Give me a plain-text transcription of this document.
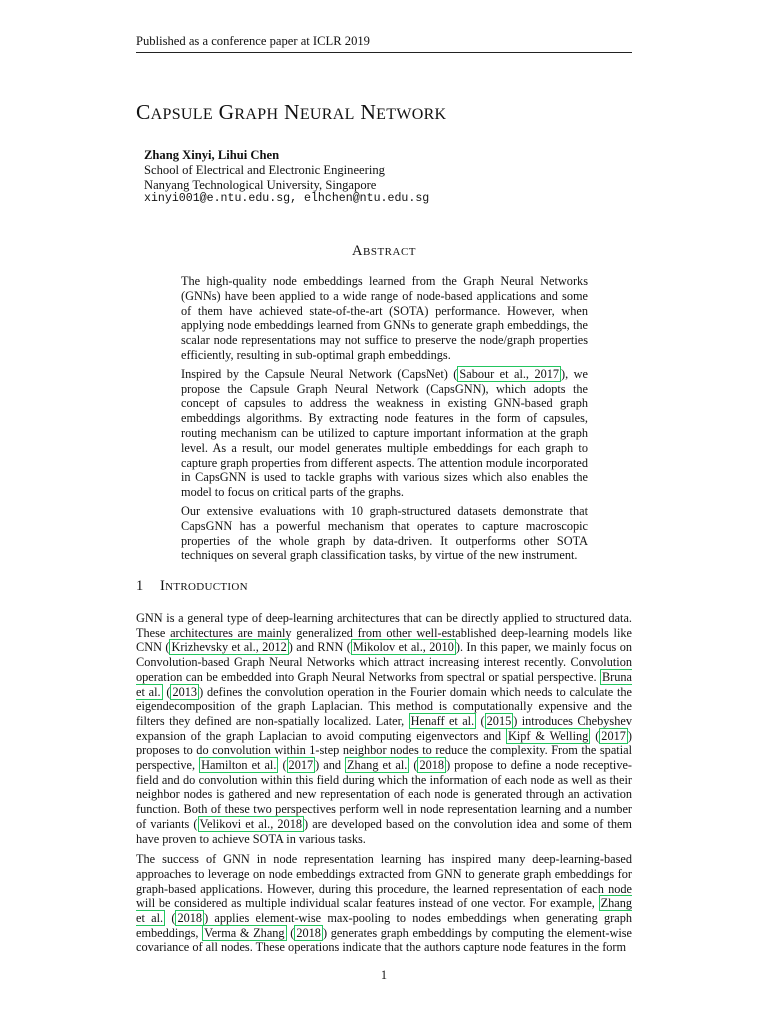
Published as a conference paper at ICLR 2019
CAPSULE GRAPH NEURAL NETWORK
Zhang Xinyi, Lihui Chen
School of Electrical and Electronic Engineering
Nanyang Technological University, Singapore
xinyi001@e.ntu.edu.sg, elhchen@ntu.edu.sg
ABSTRACT

The high-quality node embeddings learned from the Graph Neural Networks (GNNs) have been applied to a wide range of node-based applications and some of them have achieved state-of-the-art (SOTA) performance. However, when applying node embeddings learned from GNNs to generate graph embeddings, the scalar node representations may not suffice to preserve the node/graph properties efficiently, resulting in sub-optimal graph embeddings.

Inspired by the Capsule Neural Network (CapsNet) ( Sabour et al., 2017 ), we propose the Capsule Graph Neural Network (CapsGNN), which adopts the concept of capsules to address the weakness in existing GNN-based graph embeddings algorithms. By extracting node features in the form of capsules, routing mechanism can be utilized to capture important information at the graph level. As a result, our model generates multiple embeddings for each graph to capture graph properties from different aspects. The attention module incorporated in CapsGNN is used to tackle graphs with various sizes which also enables the model to focus on critical parts of the graphs.

Our extensive evaluations with 10 graph-structured datasets demonstrate that CapsGNN has a powerful mechanism that operates to capture macroscopic properties of the whole graph by data-driven. It outperforms other SOTA techniques on several graph classification tasks, by virtue of the new instrument.

1 INTRODUCTION

GNN is a general type of deep-learning architectures that can be directly applied to structured data. These architectures are mainly generalized from other well-established deep-learning models like CNN ( Krizhevsky et al., 2012 ) and RNN ( Mikolov et al., 2010 ). In this paper, we mainly focus on Convolution-based Graph Neural Networks which attract increasing interest recently. Convolution operation can be embedded into Graph Neural Networks from spectral or spatial perspective. Bruna et al. ( 2013 ) defines the convolution operation in the Fourier domain which needs to calculate the eigendecomposition of the graph Laplacian. This method is computationally expensive and the filters they defined are non-spatially localized. Later, Henaff et al. ( 2015 ) introduces Chebyshev expansion of the graph Laplacian to avoid computing eigenvectors and Kipf & Welling ( 2017 ) proposes to do convolution within 1-step neighbor nodes to reduce the complexity. From the spatial perspective, Hamilton et al. ( 2017 ) and Zhang et al. ( 2018 ) propose to define a node receptive-field and do convolution within this field during which the information of each node as well as their neighbor nodes is gathered and new representation of each node is generated through an activation function. Both of these two perspectives perform well in node representation learning and a number of variants ( Velikovi et al., 2018 ) are developed based on the convolution idea and some of them have proven to achieve SOTA in various tasks.

The success of GNN in node representation learning has inspired many deep-learning-based approaches to leverage on node embeddings extracted from GNN to generate graph embeddings for graph-based applications. However, during this procedure, the learned representation of each node will be considered as multiple individual scalar features instead of one vector. For example, Zhang et al. ( 2018 ) applies element-wise max-pooling to nodes embeddings when generating graph embeddings, Verma & Zhang ( 2018 ) generates graph embeddings by computing the element-wise covariance of all nodes. These operations indicate that the authors capture node features in the form

1
